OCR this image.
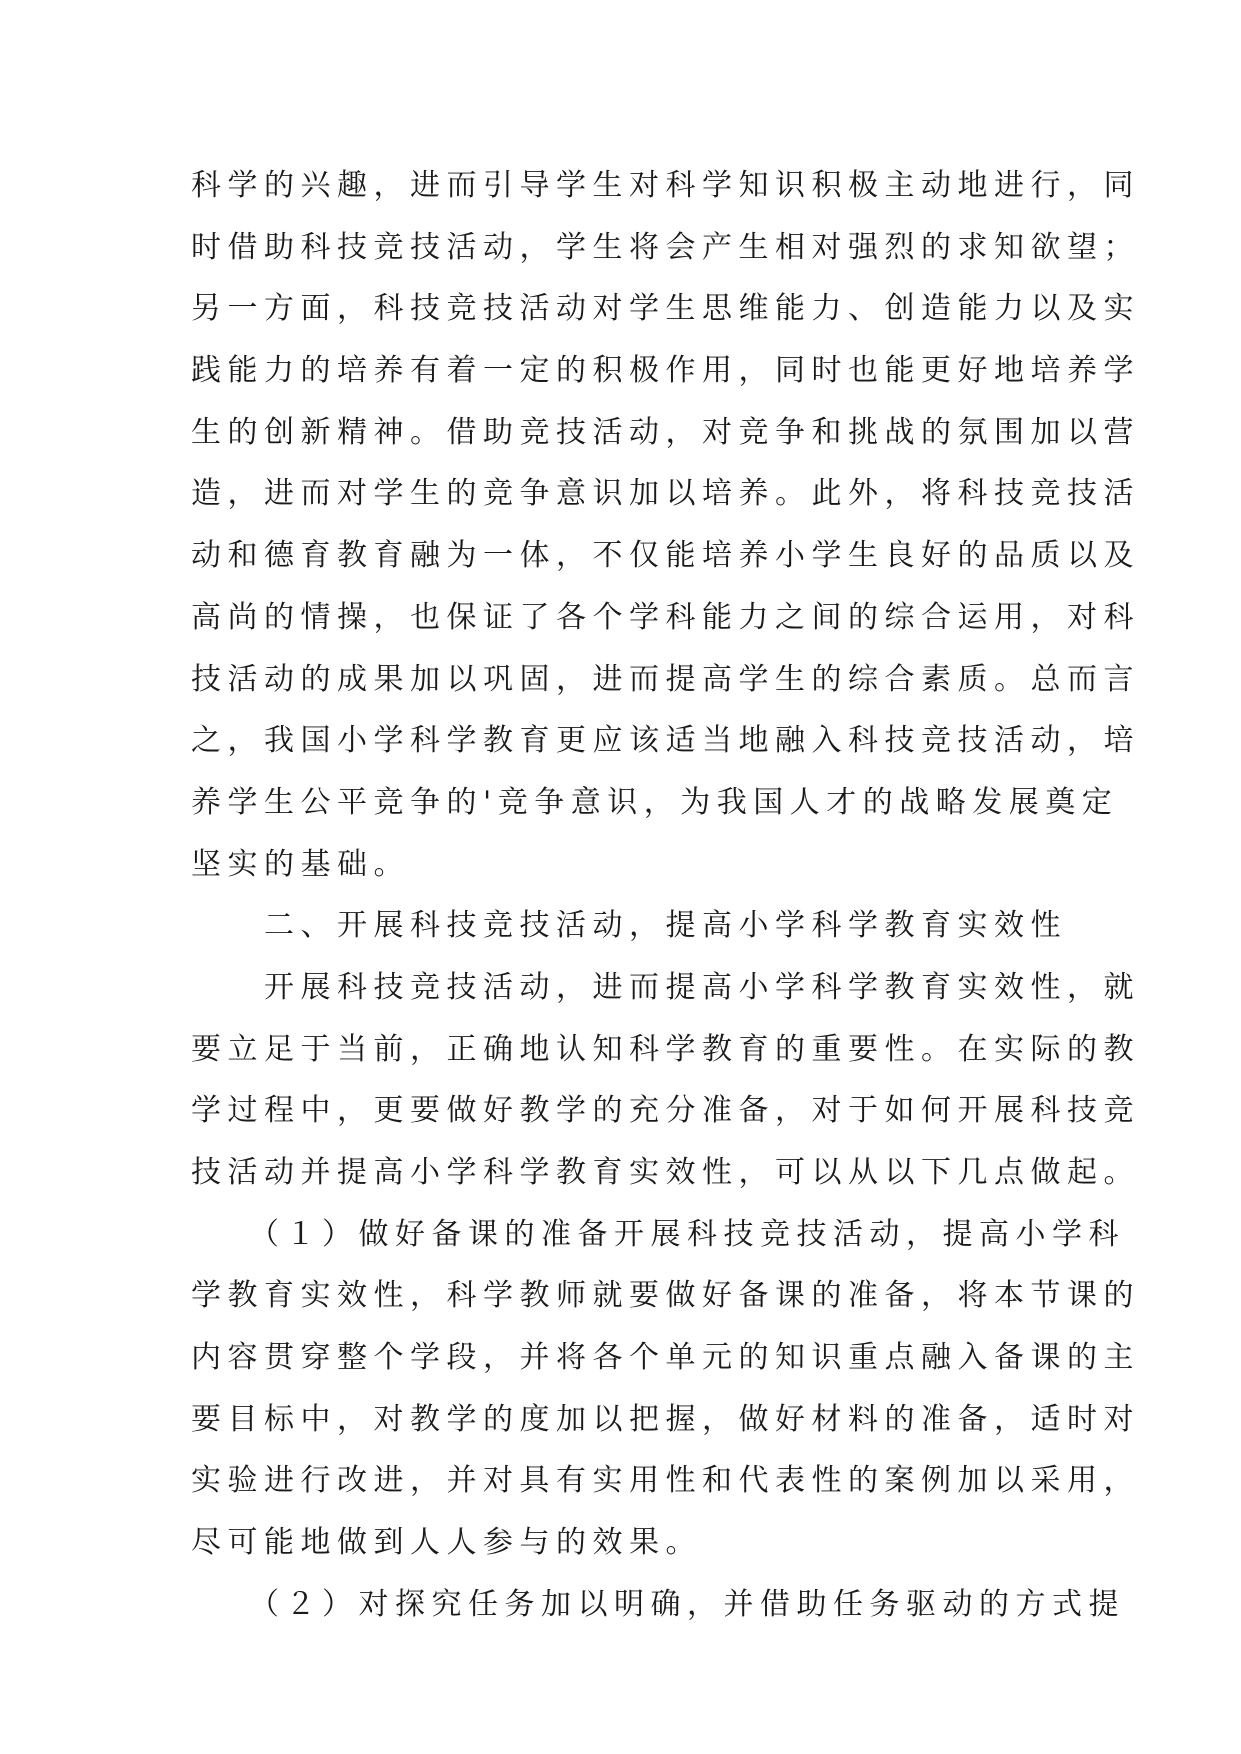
科学的兴趣，进而引导学生对科学知识积极主动地进行，同
时借助科技竞技活动，学生将会产生相对强烈的求知欲望；
另一方面，科技竞技活动对学生思维能力、创造能力以及实
践能力的培养有着一定的积极作用，同时也能更好地培养学
生的创新精神。借助竞技活动，对竞争和挑战的氛围加以营
造，进而对学生的竞争意识加以培养。此外，将科技竞技活
动和德育教育融为一体，不仅能培养小学生良好的品质以及
高尚的情操，也保证了各个学科能力之间的综合运用，对科
技活动的成果加以巩固，进而提高学生的综合素质。总而言
之，我国小学科学教育更应该适当地融入科技竞技活动，培
养学生公平竞争的'竞争意识，为我国人才的战略发展奠定
坚实的基础。
　　二、开展科技竞技活动，提高小学科学教育实效性
　　开展科技竞技活动，进而提高小学科学教育实效性，就
要立足于当前，正确地认知科学教育的重要性。在实际的教
学过程中，更要做好教学的充分准备，对于如何开展科技竞
技活动并提高小学科学教育实效性，可以从以下几点做起。
　　（１）做好备课的准备开展科技竞技活动，提高小学科
学教育实效性，科学教师就要做好备课的准备，将本节课的
内容贯穿整个学段，并将各个单元的知识重点融入备课的主
要目标中，对教学的度加以把握，做好材料的准备，适时对
实验进行改进，并对具有实用性和代表性的案例加以采用，
尽可能地做到人人参与的效果。
　　（２）对探究任务加以明确，并借助任务驱动的方式提
